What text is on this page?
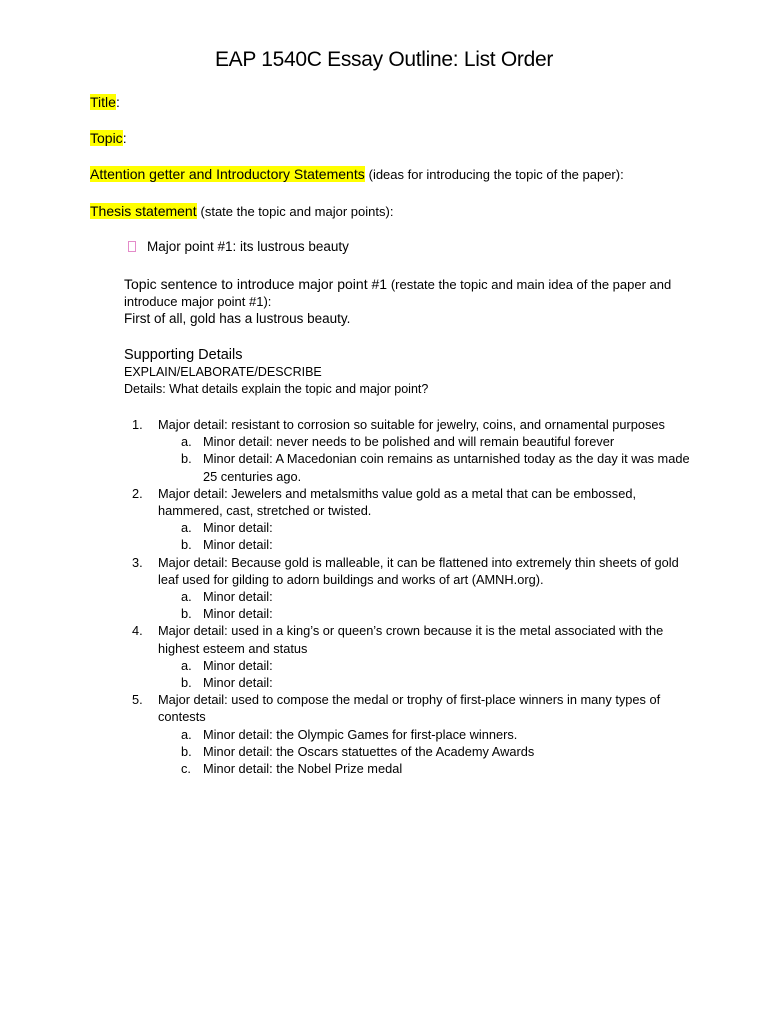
EAP 1540C Essay Outline: List Order
Title:
Topic:
Attention getter and Introductory Statements (ideas for introducing the topic of the paper):
Thesis statement (state the topic and major points):
Major point #1: its lustrous beauty
Topic sentence to introduce major point #1 (restate the topic and main idea of the paper and introduce major point #1):
First of all, gold has a lustrous beauty.
Supporting Details
EXPLAIN/ELABORATE/DESCRIBE
Details: What details explain the topic and major point?
1. Major detail: resistant to corrosion so suitable for jewelry, coins, and ornamental purposes
a. Minor detail: never needs to be polished and will remain beautiful forever
b. Minor detail: A Macedonian coin remains as untarnished today as the day it was made 25 centuries ago.
2. Major detail: Jewelers and metalsmiths value gold as a metal that can be embossed, hammered, cast, stretched or twisted.
a. Minor detail:
b. Minor detail:
3. Major detail: Because gold is malleable, it can be flattened into extremely thin sheets of gold leaf used for gilding to adorn buildings and works of art (AMNH.org).
a. Minor detail:
b. Minor detail:
4. Major detail: used in a king’s or queen’s crown because it is the metal associated with the highest esteem and status
a. Minor detail:
b. Minor detail:
5. Major detail: used to compose the medal or trophy of first-place winners in many types of contests
a. Minor detail: the Olympic Games for first-place winners.
b. Minor detail: the Oscars statuettes of the Academy Awards
c. Minor detail: the Nobel Prize medal
